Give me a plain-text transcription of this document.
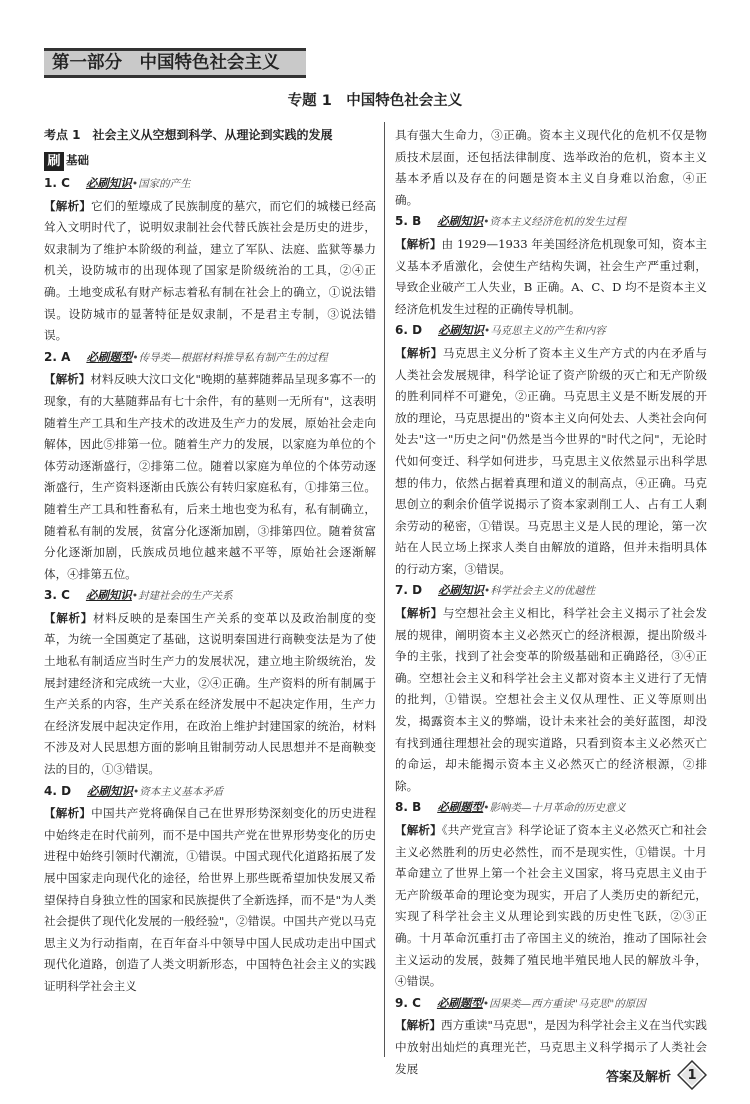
第一部分　中国特色社会主义
专题 1　中国特色社会主义
考点 1　社会主义从空想到科学、从理论到实践的发展
刷 基础
1. C 必刷知识•国家的产生
【解析】它们的堑壕成了民族制度的墓穴，而它们的城楼已经高耸入文明时代了，说明奴隶制社会代替氏族社会是历史的进步，奴隶制为了维护本阶级的利益，建立了军队、法庭、监狱等暴力机关，设防城市的出现体现了国家是阶级统治的工具，②④正确。土地变成私有财产标志着私有制在社会上的确立，①说法错误。设防城市的显著特征是奴隶制，不是君主专制，③说法错误。
2. A 必刷题型•传导类—根据材料推导私有制产生的过程
【解析】材料反映大汶口文化"晚期的墓葬随葬品呈现多寡不一的现象，有的大墓随葬品有七十余件，有的墓则一无所有"，这表明随着生产工具和生产技术的改进及生产力的发展，原始社会走向解体，因此⑤排第一位。随着生产力的发展，以家庭为单位的个体劳动逐渐盛行，②排第二位。随着以家庭为单位的个体劳动逐渐盛行，生产资料逐渐由氏族公有转归家庭私有，①排第三位。随着生产工具和牲畜私有，后来土地也变为私有，私有制确立，随着私有制的发展，贫富分化逐渐加剧，③排第四位。随着贫富分化逐渐加剧，氏族成员地位越来越不平等，原始社会逐渐解体，④排第五位。
3. C 必刷知识•封建社会的生产关系
【解析】材料反映的是秦国生产关系的变革以及政治制度的变革，为统一全国奠定了基础，这说明秦国进行商鞅变法是为了使土地私有制适应当时生产力的发展状况，建立地主阶级统治，发展封建经济和完成统一大业，②④正确。生产资料的所有制属于生产关系的内容，生产关系在经济发展中不起决定作用，生产力在经济发展中起决定作用，在政治上维护封建国家的统治，材料不涉及对人民思想方面的影响且钳制劳动人民思想并不是商鞅变法的目的，①③错误。
4. D 必刷知识•资本主义基本矛盾
【解析】中国共产党将确保自己在世界形势深刻变化的历史进程中始终走在时代前列，而不是中国共产党在世界形势变化的历史进程中始终引领时代潮流，①错误。中国式现代化道路拓展了发展中国家走向现代化的途径，给世界上那些既希望加快发展又希望保持自身独立性的国家和民族提供了全新选择，而不是"为人类社会提供了现代化发展的一般经验"，②错误。中国共产党以马克思主义为行动指南，在百年奋斗中领导中国人民成功走出中国式现代化道路，创造了人类文明新形态，中国特色社会主义的实践证明科学社会主义
具有强大生命力，③正确。资本主义现代化的危机不仅是物质技术层面，还包括法律制度、选举政治的危机，资本主义基本矛盾以及存在的问题是资本主义自身难以治愈，④正确。
5. B 必刷知识•资本主义经济危机的发生过程
【解析】由 1929—1933 年美国经济危机现象可知，资本主义基本矛盾激化，会使生产结构失调，社会生产严重过剩，导致企业破产工人失业，B 正确。A、C、D 均不是资本主义经济危机发生过程的正确传导机制。
6. D 必刷知识•马克思主义的产生和内容
【解析】马克思主义分析了资本主义生产方式的内在矛盾与人类社会发展规律，科学论证了资产阶级的灭亡和无产阶级的胜利同样不可避免，②正确。马克思主义是不断发展的开放的理论，马克思提出的"资本主义向何处去、人类社会向何处去"这一"历史之问"仍然是当今世界的"时代之问"，无论时代如何变迁、科学如何进步，马克思主义依然显示出科学思想的伟力，依然占据着真理和道义的制高点，④正确。马克思创立的剩余价值学说揭示了资本家剥削工人、占有工人剩余劳动的秘密，①错误。马克思主义是人民的理论，第一次站在人民立场上探求人类自由解放的道路，但并未指明具体的行动方案，③错误。
7. D 必刷知识•科学社会主义的优越性
【解析】与空想社会主义相比，科学社会主义揭示了社会发展的规律，阐明资本主义必然灭亡的经济根源，提出阶级斗争的主张，找到了社会变革的阶级基础和正确路径，③④正确。空想社会主义和科学社会主义都对资本主义进行了无情的批判，①错误。空想社会主义仅从理性、正义等原则出发，揭露资本主义的弊端，设计未来社会的美好蓝图，却没有找到通往理想社会的现实道路，只看到资本主义必然灭亡的命运，却未能揭示资本主义必然灭亡的经济根源，②排除。
8. B 必刷题型•影响类—十月革命的历史意义
【解析】《共产党宣言》科学论证了资本主义必然灭亡和社会主义必然胜利的历史必然性，而不是现实性，①错误。十月革命建立了世界上第一个社会主义国家，将马克思主义由于无产阶级革命的理论变为现实，开启了人类历史的新纪元，实现了科学社会主义从理论到实践的历史性飞跃，②③正确。十月革命沉重打击了帝国主义的统治，推动了国际社会主义运动的发展，鼓舞了殖民地半殖民地人民的解放斗争，④错误。
9. C 必刷题型•因果类—西方重读"马克思"的原因
【解析】西方重读"马克思"，是因为科学社会主义在当代实践中放射出灿烂的真理光芒，马克思主义科学揭示了人类社会发展
答案及解析 1
